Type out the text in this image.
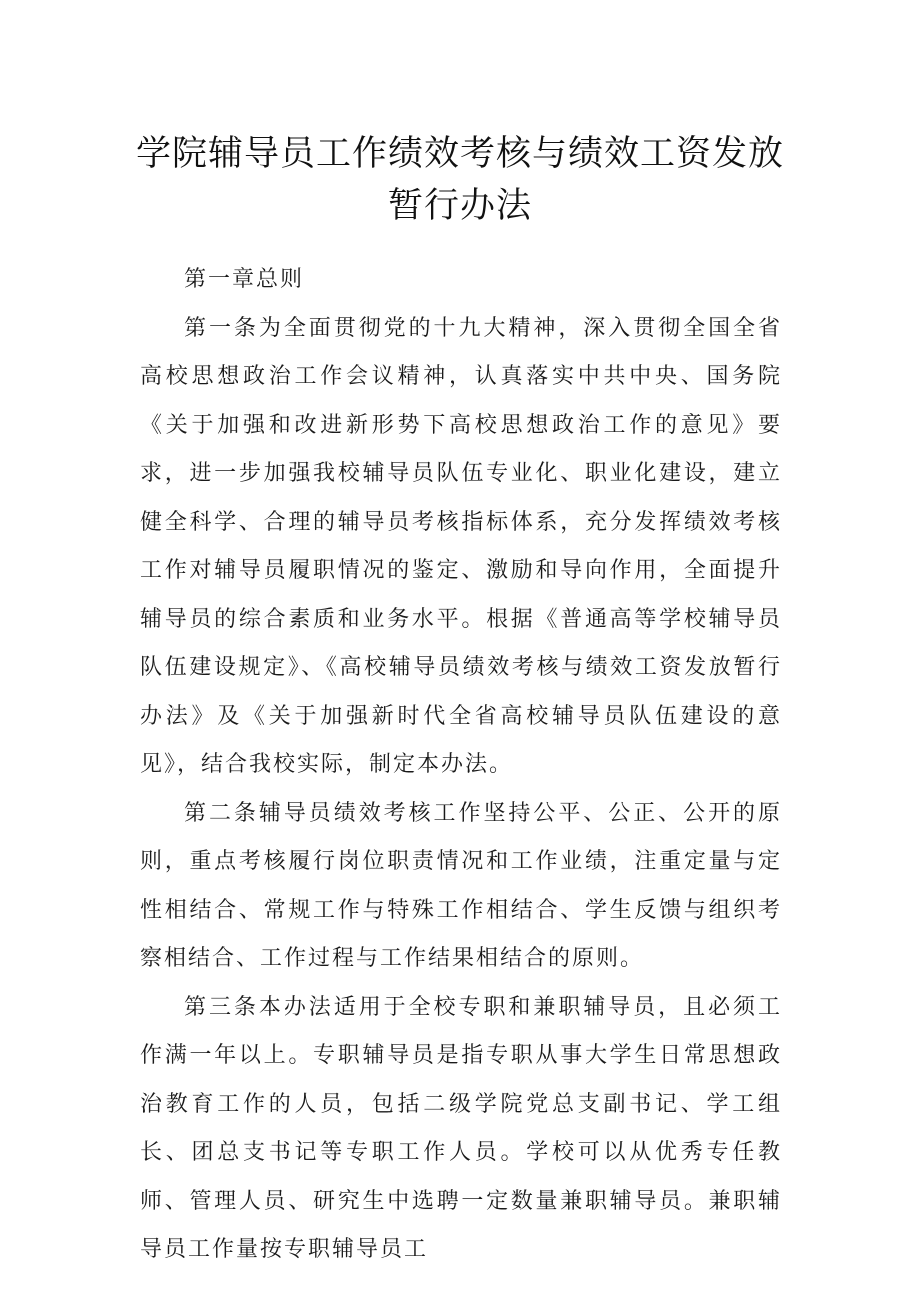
学院辅导员工作绩效考核与绩效工资发放
暂行办法

第一章总则

第一条为全面贯彻党的十九大精神，深入贯彻全国全省高校思想政治工作会议精神，认真落实中共中央、国务院《关于加强和改进新形势下高校思想政治工作的意见》要求，进一步加强我校辅导员队伍专业化、职业化建设，建立健全科学、合理的辅导员考核指标体系，充分发挥绩效考核工作对辅导员履职情况的鉴定、激励和导向作用，全面提升辅导员的综合素质和业务水平。根据《普通高等学校辅导员队伍建设规定》、《高校辅导员绩效考核与绩效工资发放暂行办法》及《关于加强新时代全省高校辅导员队伍建设的意见》，结合我校实际，制定本办法。

第二条辅导员绩效考核工作坚持公平、公正、公开的原则，重点考核履行岗位职责情况和工作业绩，注重定量与定性相结合、常规工作与特殊工作相结合、学生反馈与组织考察相结合、工作过程与工作结果相结合的原则。

第三条本办法适用于全校专职和兼职辅导员，且必须工作满一年以上。专职辅导员是指专职从事大学生日常思想政治教育工作的人员，包括二级学院党总支副书记、学工组长、团总支书记等专职工作人员。学校可以从优秀专任教师、管理人员、研究生中选聘一定数量兼职辅导员。兼职辅导员工作量按专职辅导员工
